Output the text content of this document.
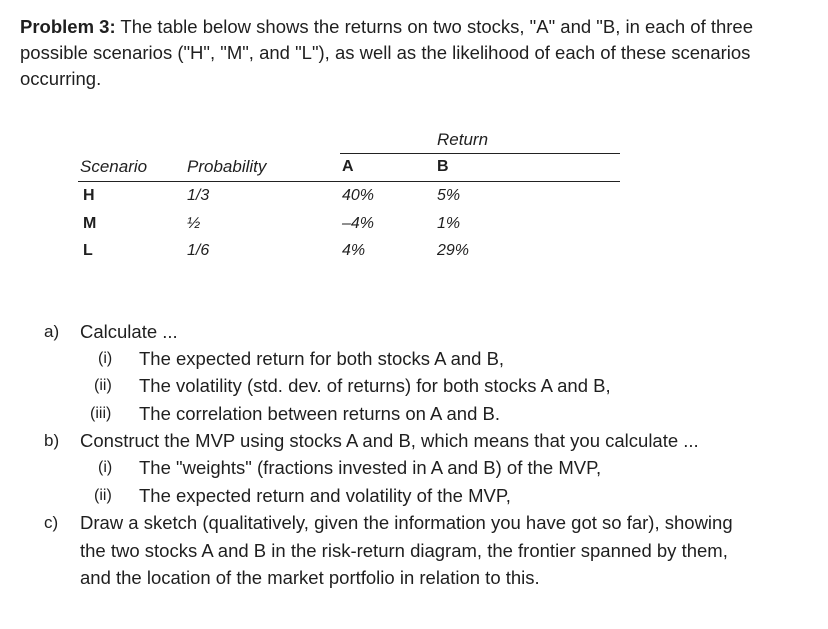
Problem 3: The table below shows the returns on two stocks, "A" and "B, in each of three possible scenarios ("H", "M", and "L"), as well as the likelihood of each of these scenarios occurring.

Return
Scenario Probability	A	B
H	1/3	40%	5%
M	½	–4%	1%
L	1/6	4%	29%
a) Calculate ...
(i) The expected return for both stocks A and B,
(ii) The volatility (std. dev. of returns) for both stocks A and B,
(iii) The correlation between returns on A and B.
b) Construct the MVP using stocks A and B, which means that you calculate ...
(i) The "weights" (fractions invested in A and B) of the MVP,
(ii) The expected return and volatility of the MVP,
c) Draw a sketch (qualitatively, given the information you have got so far), showing
the two stocks A and B in the risk-return diagram, the frontier spanned by them,
and the location of the market portfolio in relation to this.
